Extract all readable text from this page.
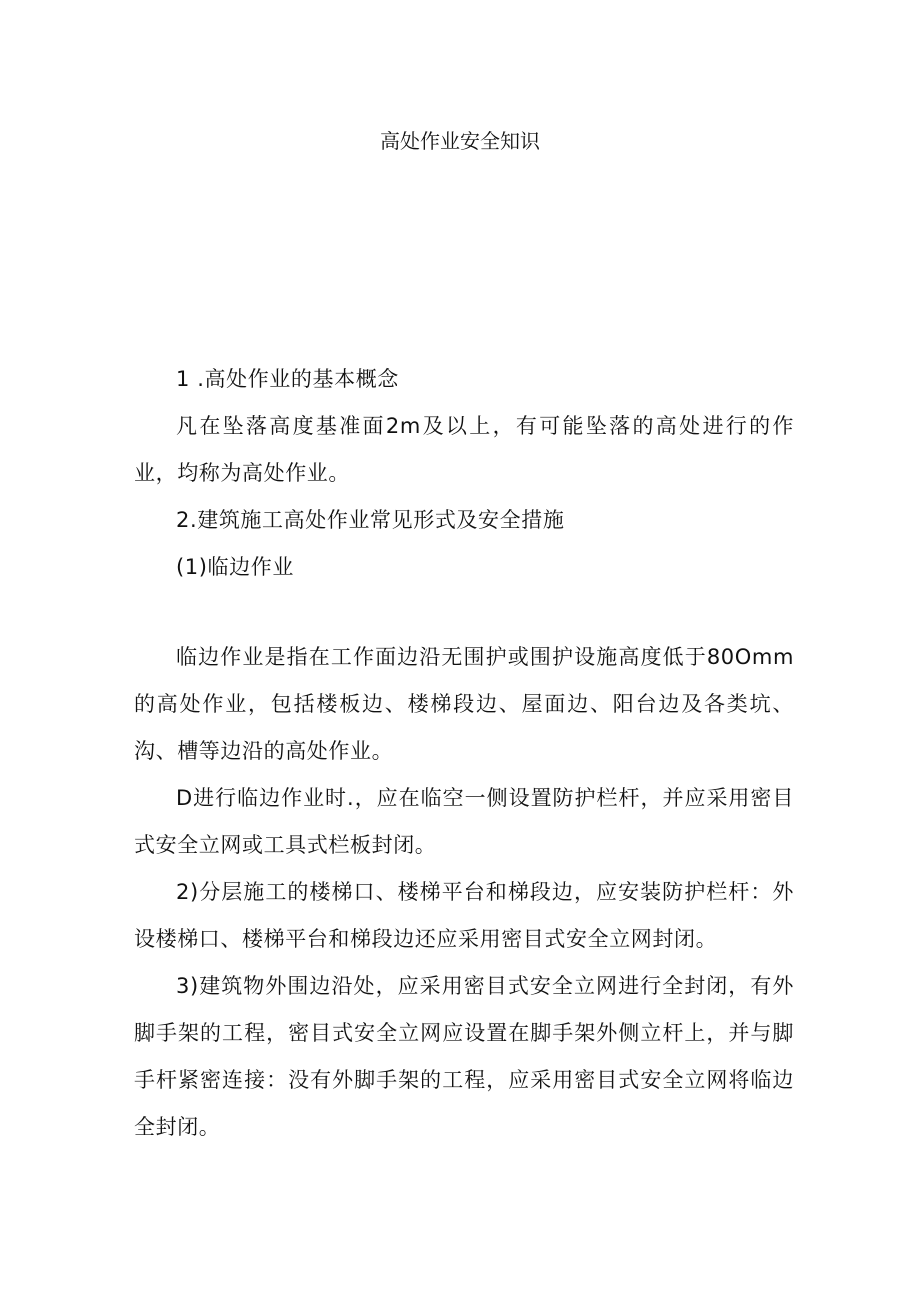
高处作业安全知识

1 .高处作业的基本概念

凡在坠落高度基准面2m及以上，有可能坠落的高处进行的作业，均称为高处作业。

2.建筑施工高处作业常见形式及安全措施

(1)临边作业

临边作业是指在工作面边沿无围护或围护设施高度低于80Omm的高处作业，包括楼板边、楼梯段边、屋面边、阳台边及各类坑、沟、槽等边沿的高处作业。

D进行临边作业时.，应在临空一侧设置防护栏杆，并应采用密目式安全立网或工具式栏板封闭。

2)分层施工的楼梯口、楼梯平台和梯段边，应安装防护栏杆：外设楼梯口、楼梯平台和梯段边还应采用密目式安全立网封闭。

3)建筑物外围边沿处，应采用密目式安全立网进行全封闭，有外脚手架的工程，密目式安全立网应设置在脚手架外侧立杆上，并与脚手杆紧密连接：没有外脚手架的工程，应采用密目式安全立网将临边全封闭。
